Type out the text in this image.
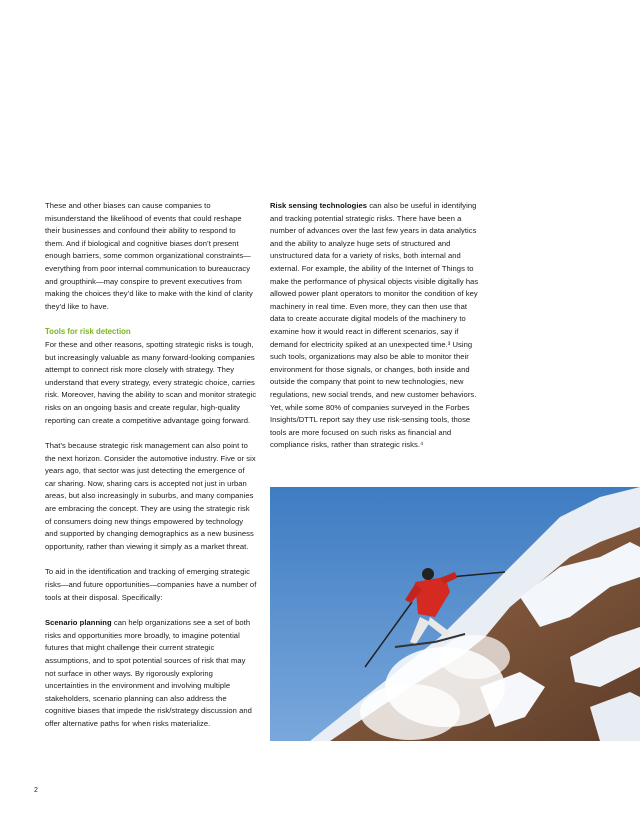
These and other biases can cause companies to misunderstand the likelihood of events that could reshape their businesses and confound their ability to respond to them. And if biological and cognitive biases don’t present enough barriers, some common organizational constraints—everything from poor internal communication to bureaucracy and groupthink—may conspire to prevent executives from making the choices they’d like to make with the kind of clarity they’d like to have.

Tools for risk detection

For these and other reasons, spotting strategic risks is tough, but increasingly valuable as many forward-looking companies attempt to connect risk more closely with strategy. They understand that every strategy, every strategic choice, carries risk. Moreover, having the ability to scan and monitor strategic risks on an ongoing basis and create regular, high-quality reporting can create a competitive advantage going forward.

That’s because strategic risk management can also point to the next horizon. Consider the automotive industry. Five or six years ago, that sector was just detecting the emergence of car sharing. Now, sharing cars is accepted not just in urban areas, but also increasingly in suburbs, and many companies are embracing the concept. They are using the strategic risk of consumers doing new things empowered by technology and supported by changing demographics as a new business opportunity, rather than viewing it simply as a market threat.

To aid in the identification and tracking of emerging strategic risks—and future opportunities—companies have a number of tools at their disposal. Specifically:

Scenario planning can help organizations see a set of both risks and opportunities more broadly, to imagine potential futures that might challenge their current strategic assumptions, and to spot potential sources of risk that may not surface in other ways. By rigorously exploring uncertainties in the environment and involving multiple stakeholders, scenario planning can also address the cognitive biases that impede the risk/strategy discussion and offer alternative paths for when risks materialize.

Risk sensing technologies can also be useful in identifying and tracking potential strategic risks. There have been a number of advances over the last few years in data analytics and the ability to analyze huge sets of structured and unstructured data for a variety of risks, both internal and external. For example, the ability of the Internet of Things to make the performance of physical objects visible digitally has allowed power plant operators to monitor the condition of key machinery in real time. Even more, they can then use that data to create accurate digital models of the machinery to examine how it would react in different scenarios, say if demand for electricity spiked at an unexpected time.³ Using such tools, organizations may also be able to monitor their environment for those signals, or changes, both inside and outside the company that point to new technologies, new regulations, new social trends, and new customer behaviors. Yet, while some 80% of companies surveyed in the Forbes Insights/DTTL report say they use risk-sensing tools, those tools are more focused on such risks as financial and compliance risks, rather than strategic risks.⁴

2
